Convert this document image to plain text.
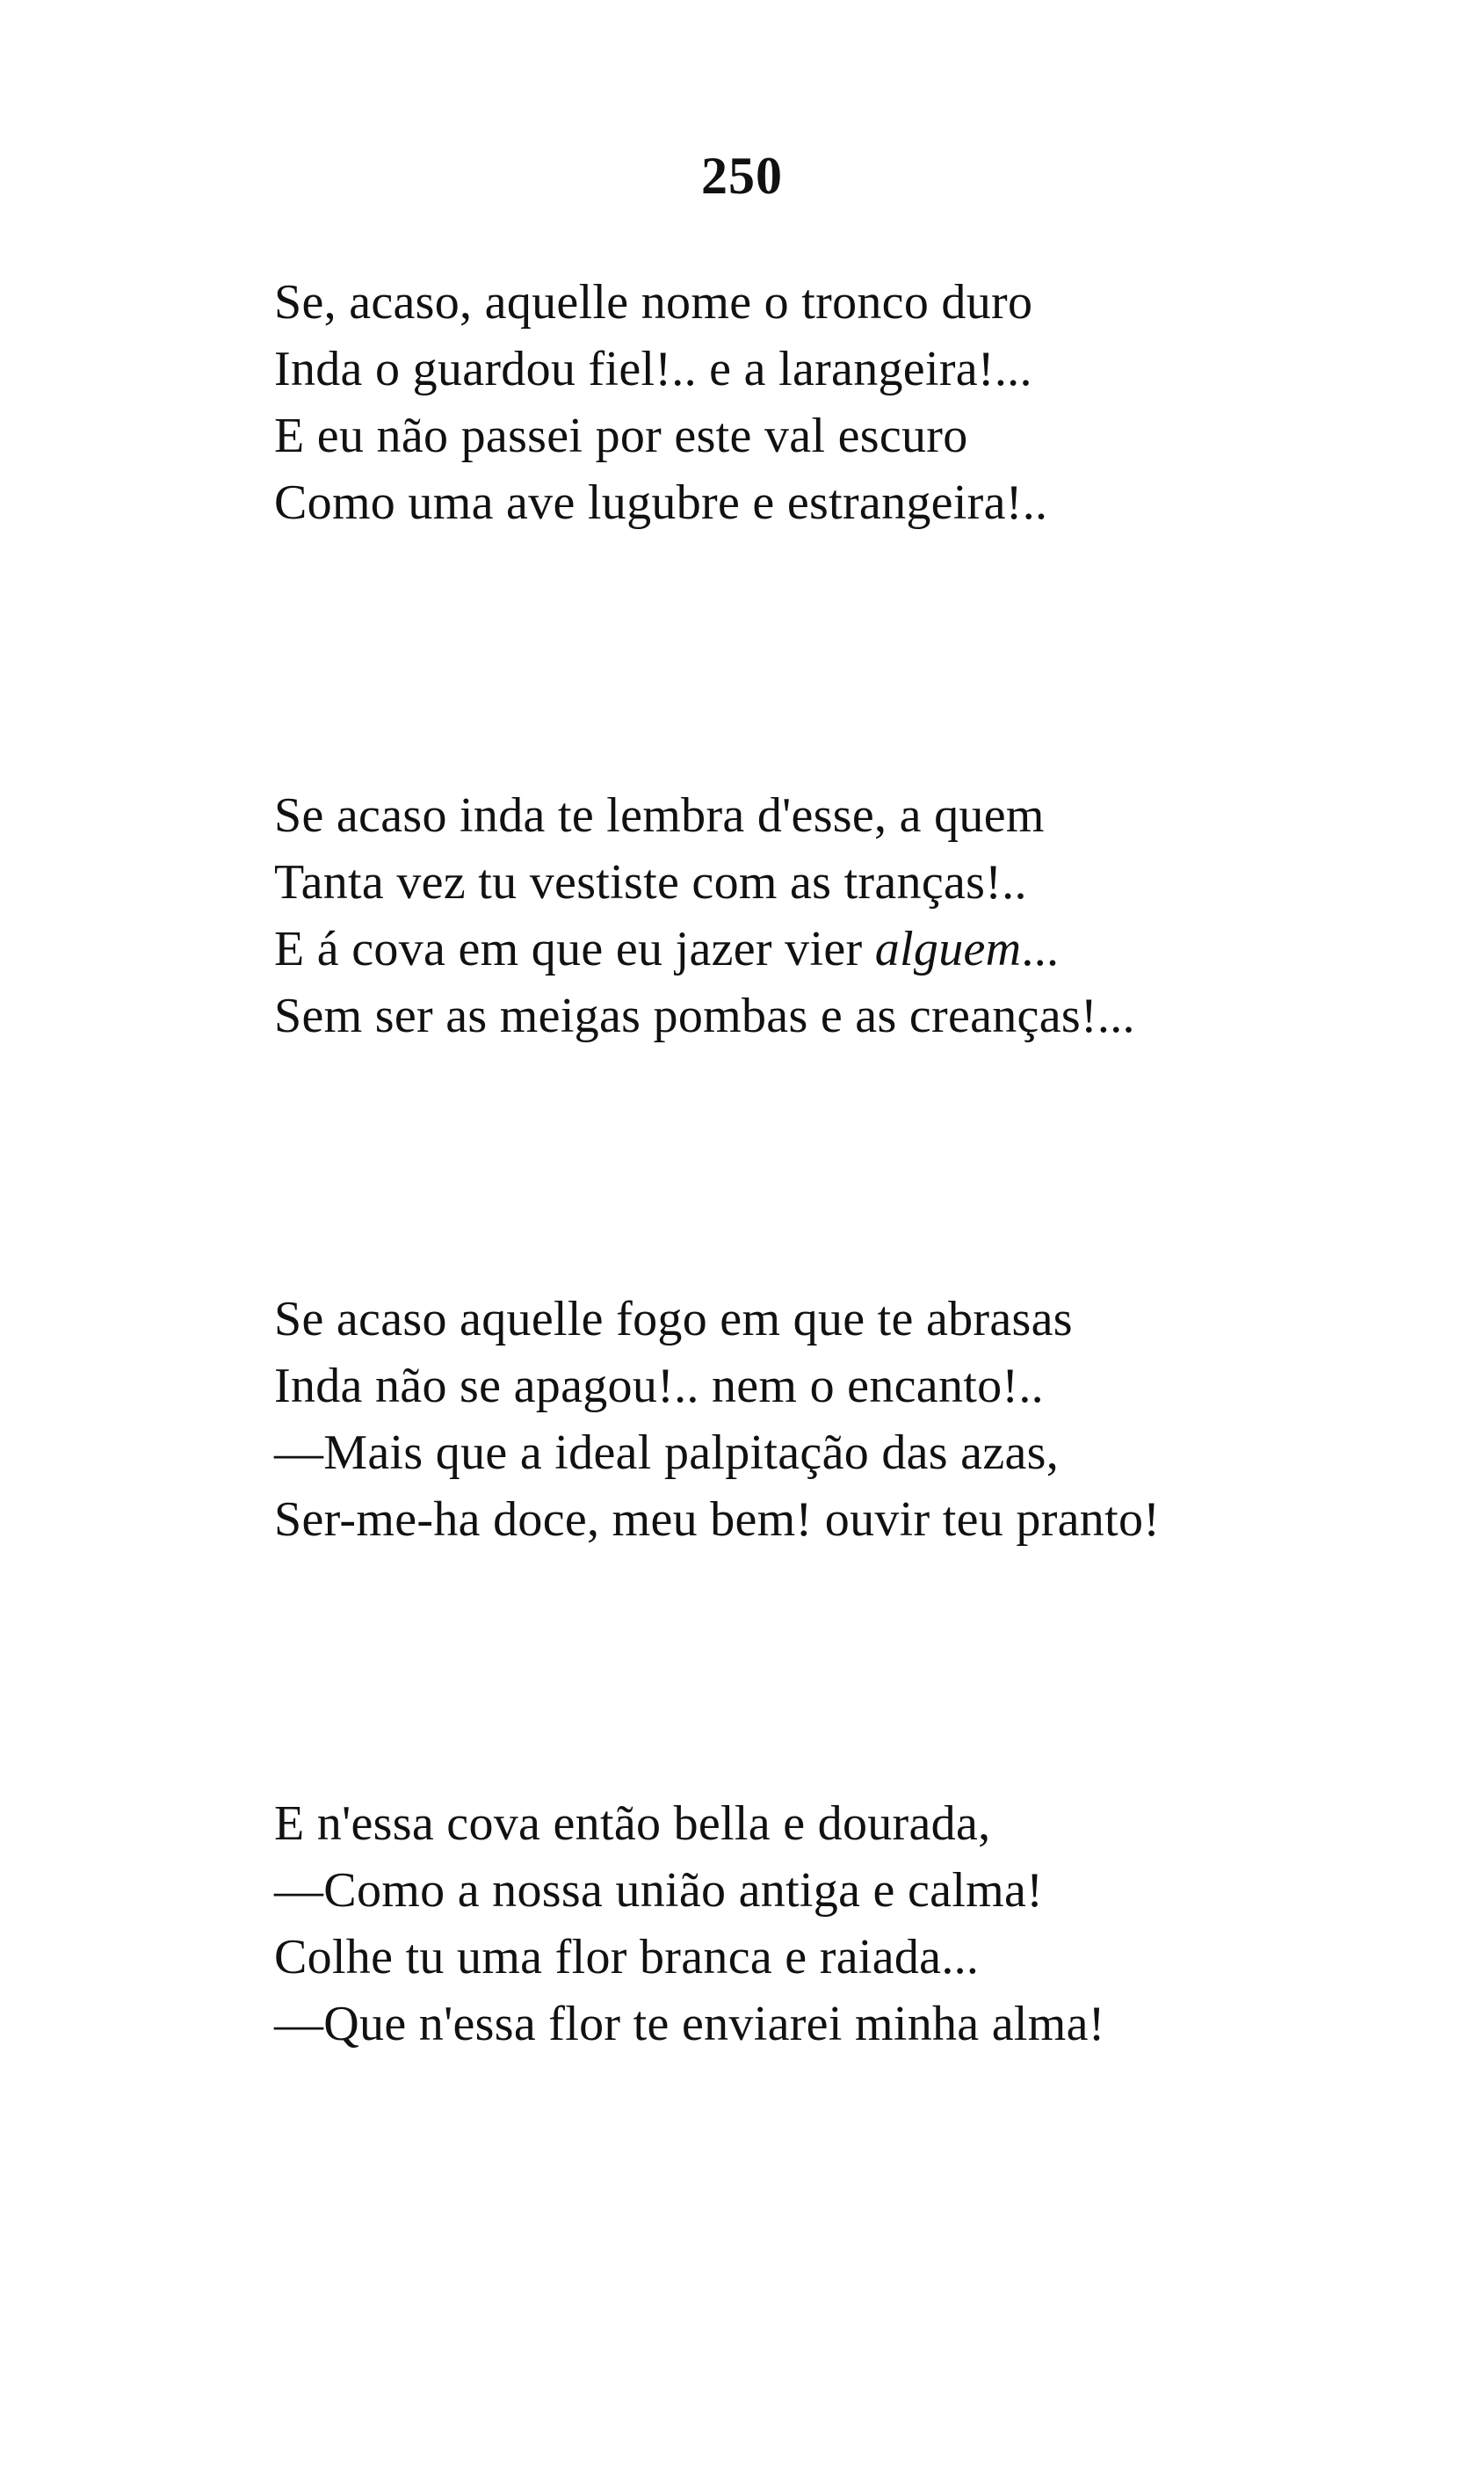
250
Se, acaso, aquelle nome o tronco duro
Inda o guardou fiel!.. e a larangeira!...
E eu não passei por este val escuro
Como uma ave lugubre e estrangeira!..
Se acaso inda te lembra d'esse, a quem
Tanta vez tu vestiste com as tranças!..
E á cova em que eu jazer vier alguem...
Sem ser as meigas pombas e as creanças!...
Se acaso aquelle fogo em que te abrasas
Inda não se apagou!.. nem o encanto!..
—Mais que a ideal palpitação das azas,
Ser-me-ha doce, meu bem! ouvir teu pranto!
E n'essa cova então bella e dourada,
—Como a nossa união antiga e calma!
Colhe tu uma flor branca e raiada...
—Que n'essa flor te enviarei minha alma!
